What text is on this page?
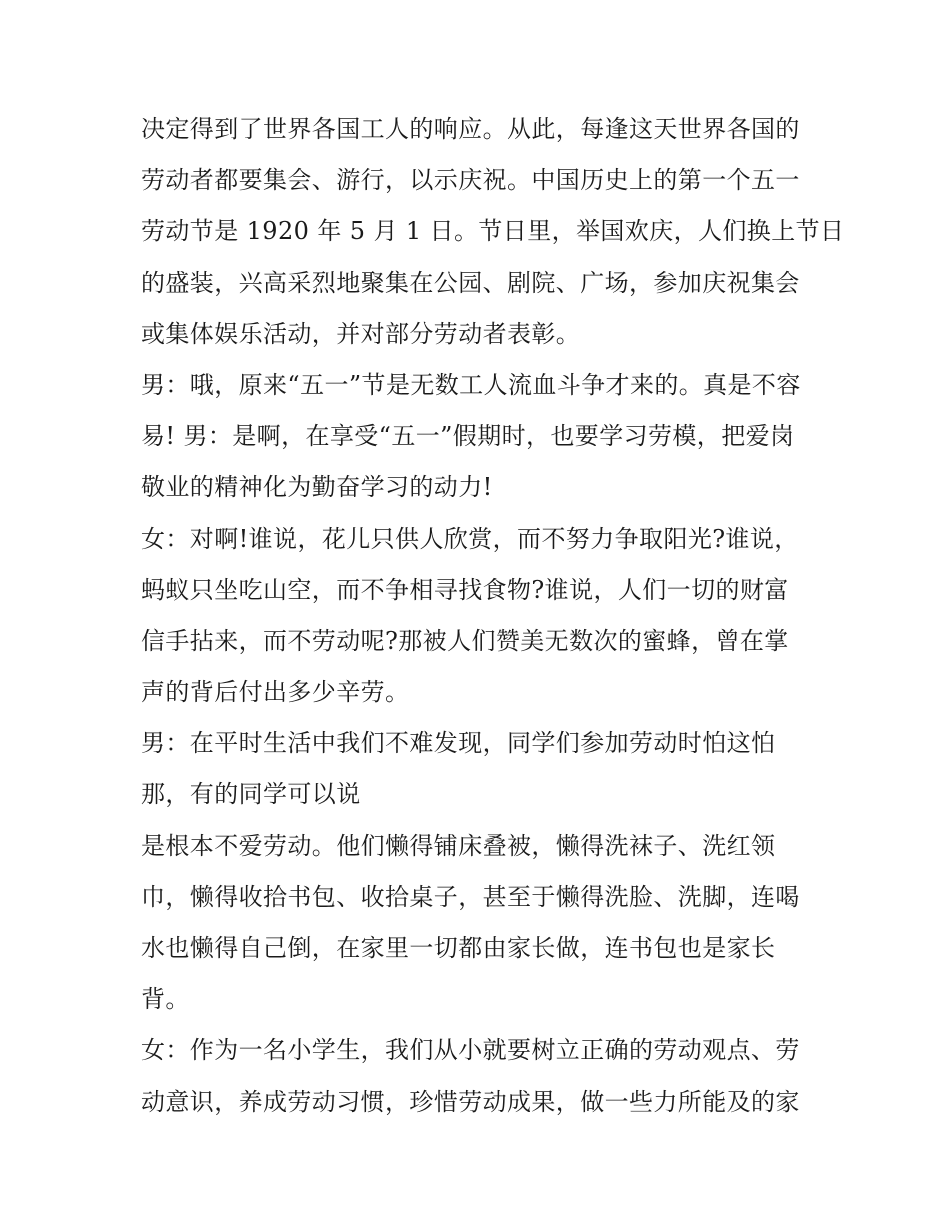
决定得到了世界各国工人的响应。从此，每逢这天世界各国的
劳动者都要集会、游行，以示庆祝。中国历史上的第一个五一
劳动节是 1920 年 5 月 1 日。节日里，举国欢庆，人们换上节日
的盛装，兴高采烈地聚集在公园、剧院、广场，参加庆祝集会
或集体娱乐活动，并对部分劳动者表彰。
男：哦，原来“五一”节是无数工人流血斗争才来的。真是不容
易! 男：是啊，在享受“五一”假期时，也要学习劳模，把爱岗
敬业的精神化为勤奋学习的动力!
女：对啊!谁说，花儿只供人欣赏，而不努力争取阳光?谁说，
蚂蚁只坐吃山空，而不争相寻找食物?谁说，人们一切的财富
信手拈来，而不劳动呢?那被人们赞美无数次的蜜蜂，曾在掌
声的背后付出多少辛劳。
男：在平时生活中我们不难发现，同学们参加劳动时怕这怕
那，有的同学可以说
是根本不爱劳动。他们懒得铺床叠被，懒得洗袜子、洗红领
巾，懒得收拾书包、收拾桌子，甚至于懒得洗脸、洗脚，连喝
水也懒得自己倒，在家里一切都由家长做，连书包也是家长
背。
女：作为一名小学生，我们从小就要树立正确的劳动观点、劳
动意识，养成劳动习惯，珍惜劳动成果，做一些力所能及的家
